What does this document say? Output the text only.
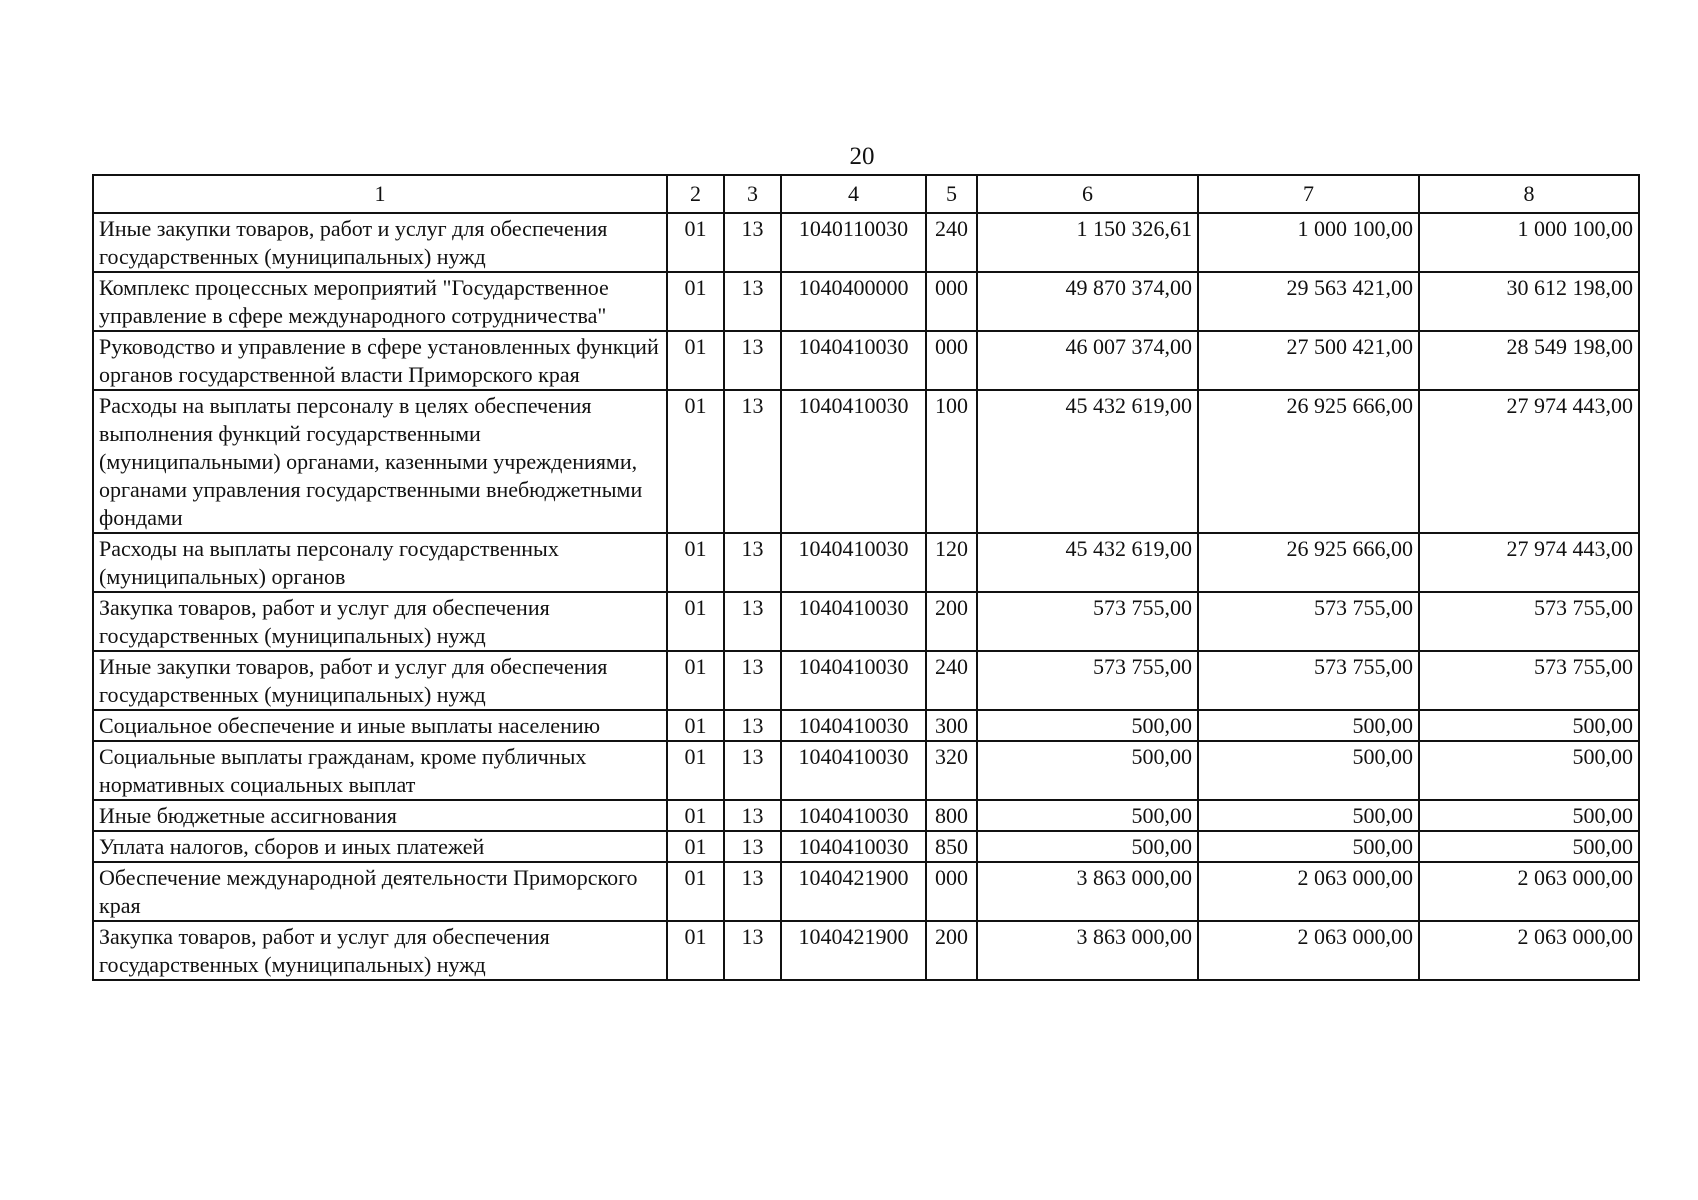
20
1	2	3	4	5	6	7	8
Иные закупки товаров, работ и услуг для обеспечения государственных (муниципальных) нужд	01	13	1040110030	240	1 150 326,61	1 000 100,00	1 000 100,00
Комплекс процессных мероприятий "Государственное управление в сфере международного сотрудничества"	01	13	1040400000	000	49 870 374,00	29 563 421,00	30 612 198,00
Руководство и управление в сфере установленных функций органов государственной власти Приморского края	01	13	1040410030	000	46 007 374,00	27 500 421,00	28 549 198,00
Расходы на выплаты персоналу в целях обеспечения выполнения функций государственными (муниципальными) органами, казенными учреждениями, органами управления государственными внебюджетными фондами	01	13	1040410030	100	45 432 619,00	26 925 666,00	27 974 443,00
Расходы на выплаты персоналу государственных (муниципальных) органов	01	13	1040410030	120	45 432 619,00	26 925 666,00	27 974 443,00
Закупка товаров, работ и услуг для обеспечения государственных (муниципальных) нужд	01	13	1040410030	200	573 755,00	573 755,00	573 755,00
Иные закупки товаров, работ и услуг для обеспечения государственных (муниципальных) нужд	01	13	1040410030	240	573 755,00	573 755,00	573 755,00
Социальное обеспечение и иные выплаты населению	01	13	1040410030	300	500,00	500,00	500,00
Социальные выплаты гражданам, кроме публичных нормативных социальных выплат	01	13	1040410030	320	500,00	500,00	500,00
Иные бюджетные ассигнования	01	13	1040410030	800	500,00	500,00	500,00
Уплата налогов, сборов и иных платежей	01	13	1040410030	850	500,00	500,00	500,00
Обеспечение международной деятельности Приморского края	01	13	1040421900	000	3 863 000,00	2 063 000,00	2 063 000,00
Закупка товаров, работ и услуг для обеспечения государственных (муниципальных) нужд	01	13	1040421900	200	3 863 000,00	2 063 000,00	2 063 000,00
